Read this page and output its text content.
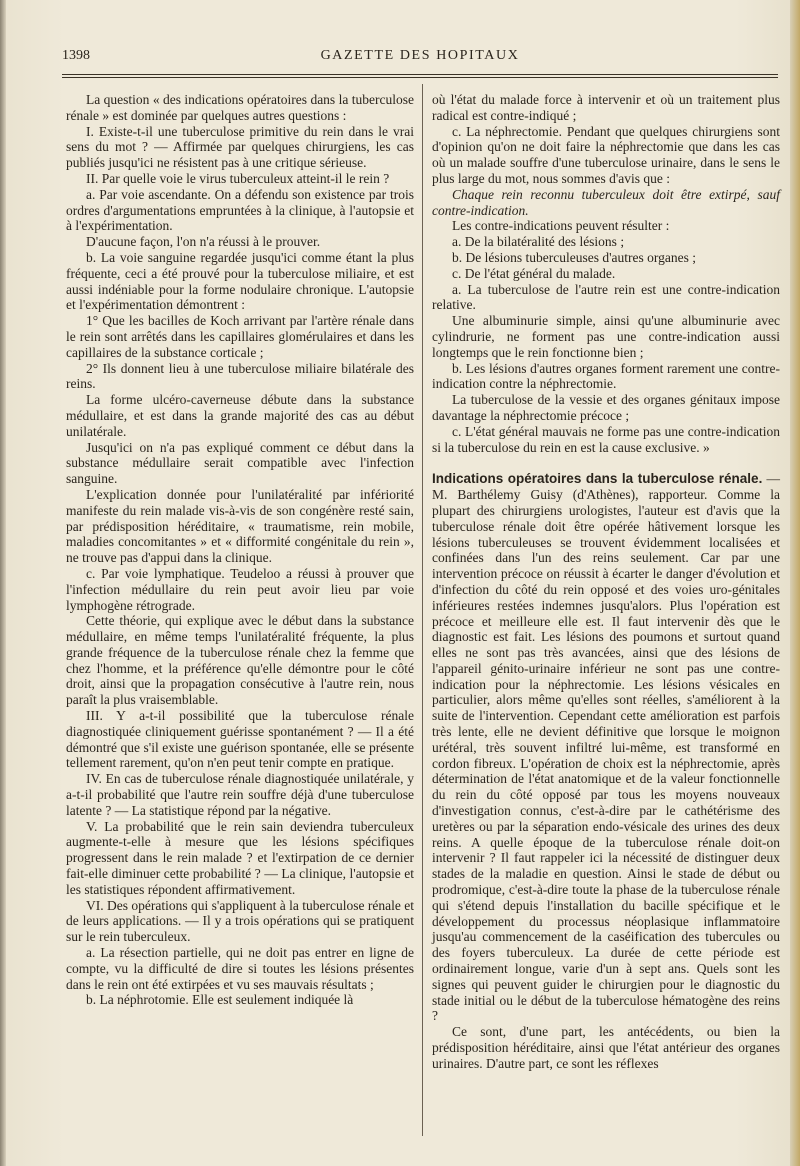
1398	GAZETTE DES HOPITAUX

La question « des indications opératoires dans la tuberculose rénale » est dominée par quelques autres questions :

I. Existe-t-il une tuberculose primitive du rein dans le vrai sens du mot ? — Affirmée par quelques chirurgiens, les cas publiés jusqu'ici ne résistent pas à une critique sérieuse.

II. Par quelle voie le virus tuberculeux atteint-il le rein ?

a. Par voie ascendante. On a défendu son existence par trois ordres d'argumentations empruntées à la clinique, à l'autopsie et à l'expérimentation.

D'aucune façon, l'on n'a réussi à le prouver.

b. La voie sanguine regardée jusqu'ici comme étant la plus fréquente, ceci a été prouvé pour la tuberculose miliaire, et est aussi indéniable pour la forme nodulaire chronique. L'autopsie et l'expérimentation démontrent :

1° Que les bacilles de Koch arrivant par l'artère rénale dans le rein sont arrêtés dans les capillaires glomérulaires et dans les capillaires de la substance corticale ;

2° Ils donnent lieu à une tuberculose miliaire bilatérale des reins.

La forme ulcéro-caverneuse débute dans la substance médullaire, et est dans la grande majorité des cas au début unilatérale.

Jusqu'ici on n'a pas expliqué comment ce début dans la substance médullaire serait compatible avec l'infection sanguine.

L'explication donnée pour l'unilatéralité par infériorité manifeste du rein malade vis-à-vis de son congénère resté sain, par prédisposition héréditaire, « traumatisme, rein mobile, maladies concomitantes » et « difformité congénitale du rein », ne trouve pas d'appui dans la clinique.

c. Par voie lymphatique. Teudeloo a réussi à prouver que l'infection médullaire du rein peut avoir lieu par voie lymphogène rétrograde.

Cette théorie, qui explique avec le début dans la substance médullaire, en même temps l'unilatéralité fréquente, la plus grande fréquence de la tuberculose rénale chez la femme que chez l'homme, et la préférence qu'elle démontre pour le côté droit, ainsi que la propagation consécutive à l'autre rein, nous paraît la plus vraisemblable.

III. Y a-t-il possibilité que la tuberculose rénale diagnostiquée cliniquement guérisse spontanément ? — Il a été démontré que s'il existe une guérison spontanée, elle se présente tellement rarement, qu'on n'en peut tenir compte en pratique.

IV. En cas de tuberculose rénale diagnostiquée unilatérale, y a-t-il probabilité que l'autre rein souffre déjà d'une tuberculose latente ? — La statistique répond par la négative.

V. La probabilité que le rein sain deviendra tuberculeux augmente-t-elle à mesure que les lésions spécifiques progressent dans le rein malade ? et l'extirpation de ce dernier fait-elle diminuer cette probabilité ? — La clinique, l'autopsie et les statistiques répondent affirmativement.

VI. Des opérations qui s'appliquent à la tuberculose rénale et de leurs applications. — Il y a trois opérations qui se pratiquent sur le rein tuberculeux.

a. La résection partielle, qui ne doit pas entrer en ligne de compte, vu la difficulté de dire si toutes les lésions présentes dans le rein ont été extirpées et vu ses mauvais résultats ;

b. La néphrotomie. Elle est seulement indiquée là

où l'état du malade force à intervenir et où un traitement plus radical est contre-indiqué ;

c. La néphrectomie. Pendant que quelques chirurgiens sont d'opinion qu'on ne doit faire la néphrectomie que dans les cas où un malade souffre d'une tuberculose urinaire, dans le sens le plus large du mot, nous sommes d'avis que :

Chaque rein reconnu tuberculeux doit être extirpé, sauf contre-indication.

Les contre-indications peuvent résulter :

a. De la bilatéralité des lésions ;

b. De lésions tuberculeuses d'autres organes ;

c. De l'état général du malade.

a. La tuberculose de l'autre rein est une contre-indication relative.

Une albuminurie simple, ainsi qu'une albuminurie avec cylindrurie, ne forment pas une contre-indication aussi longtemps que le rein fonctionne bien ;

b. Les lésions d'autres organes forment rarement une contre-indication contre la néphrectomie.

La tuberculose de la vessie et des organes génitaux impose davantage la néphrectomie précoce ;

c. L'état général mauvais ne forme pas une contre-indication si la tuberculose du rein en est la cause exclusive. »

Indications opératoires dans la tuberculose rénale. — M. Barthélemy Guisy (d'Athènes), rapporteur. Comme la plupart des chirurgiens urologistes, l'auteur est d'avis que la tuberculose rénale doit être opérée hâtivement lorsque les lésions tuberculeuses se trouvent évidemment localisées et confinées dans l'un des reins seulement. Car par une intervention précoce on réussit à écarter le danger d'évolution et d'infection du côté du rein opposé et des voies uro-génitales inférieures restées indemnes jusqu'alors. Plus l'opération est précoce et meilleure elle est. Il faut intervenir dès que le diagnostic est fait. Les lésions des poumons et surtout quand elles ne sont pas très avancées, ainsi que des lésions de l'appareil génito-urinaire inférieur ne sont pas une contre-indication pour la néphrectomie. Les lésions vésicales en particulier, alors même qu'elles sont réelles, s'améliorent à la suite de l'intervention. Cependant cette amélioration est parfois très lente, elle ne devient définitive que lorsque le moignon urétéral, très souvent infiltré lui-même, est transformé en cordon fibreux. L'opération de choix est la néphrectomie, après détermination de l'état anatomique et de la valeur fonctionnelle du rein du côté opposé par tous les moyens nouveaux d'investigation connus, c'est-à-dire par le cathétérisme des uretères ou par la séparation endo-vésicale des urines des deux reins. A quelle époque de la tuberculose rénale doit-on intervenir ? Il faut rappeler ici la nécessité de distinguer deux stades de la maladie en question. Ainsi le stade de début ou prodromique, c'est-à-dire toute la phase de la tuberculose rénale qui s'étend depuis l'installation du bacille spécifique et le développement du processus néoplasique inflammatoire jusqu'au commencement de la caséification des tubercules ou des foyers tuberculeux. La durée de cette période est ordinairement longue, varie d'un à sept ans. Quels sont les signes qui peuvent guider le chirurgien pour le diagnostic du stade initial ou le début de la tuberculose hématogène des reins ?

Ce sont, d'une part, les antécédents, ou bien la prédisposition héréditaire, ainsi que l'état antérieur des organes urinaires. D'autre part, ce sont les réflexes
